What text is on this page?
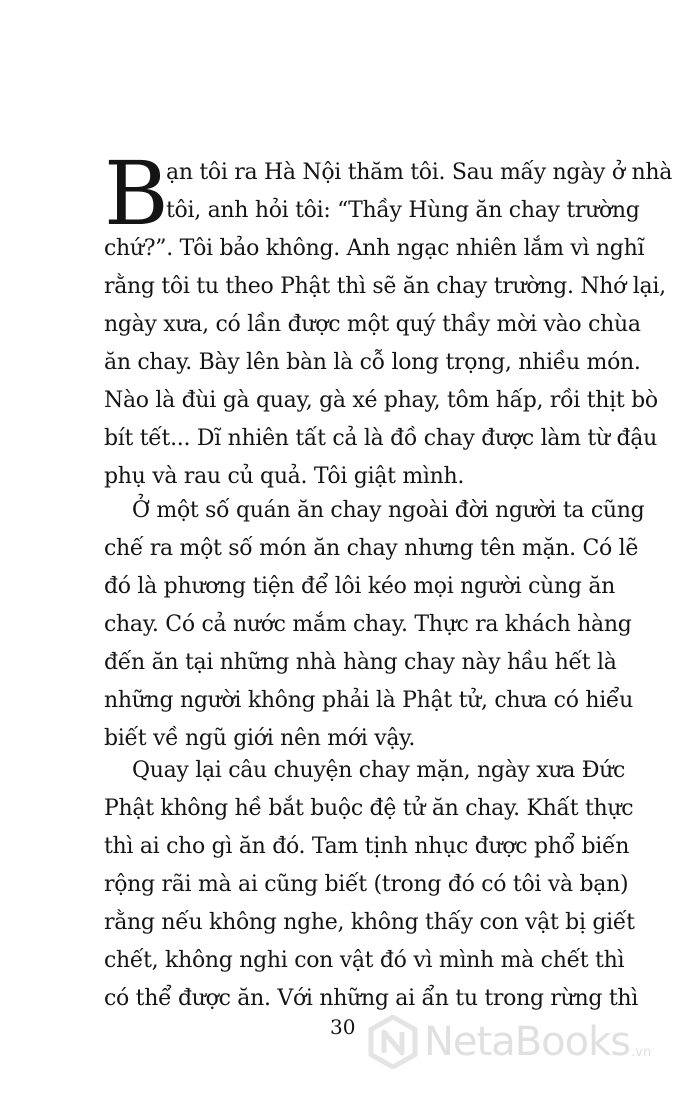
B
ạn tôi ra Hà Nội thăm tôi. Sau mấy ngày ở nhà
tôi, anh hỏi tôi: “Thầy Hùng ăn chay trường
chứ?”. Tôi bảo không. Anh ngạc nhiên lắm vì nghĩ
rằng tôi tu theo Phật thì sẽ ăn chay trường. Nhớ lại,
ngày xưa, có lần được một quý thầy mời vào chùa
ăn chay. Bày lên bàn là cỗ long trọng, nhiều món.
Nào là đùi gà quay, gà xé phay, tôm hấp, rồi thịt bò
bít tết... Dĩ nhiên tất cả là đồ chay được làm từ đậu
phụ và rau củ quả. Tôi giật mình.
Ở một số quán ăn chay ngoài đời người ta cũng
chế ra một số món ăn chay nhưng tên mặn. Có lẽ
đó là phương tiện để lôi kéo mọi người cùng ăn
chay. Có cả nước mắm chay. Thực ra khách hàng
đến ăn tại những nhà hàng chay này hầu hết là
những người không phải là Phật tử, chưa có hiểu
biết về ngũ giới nên mới vậy.
Quay lại câu chuyện chay mặn, ngày xưa Đức
Phật không hề bắt buộc đệ tử ăn chay. Khất thực
thì ai cho gì ăn đó. Tam tịnh nhục được phổ biến
rộng rãi mà ai cũng biết (trong đó có tôi và bạn)
rằng nếu không nghe, không thấy con vật bị giết
chết, không nghi con vật đó vì mình mà chết thì
có thể được ăn. Với những ai ẩn tu trong rừng thì
30 NetaBooks .vn
